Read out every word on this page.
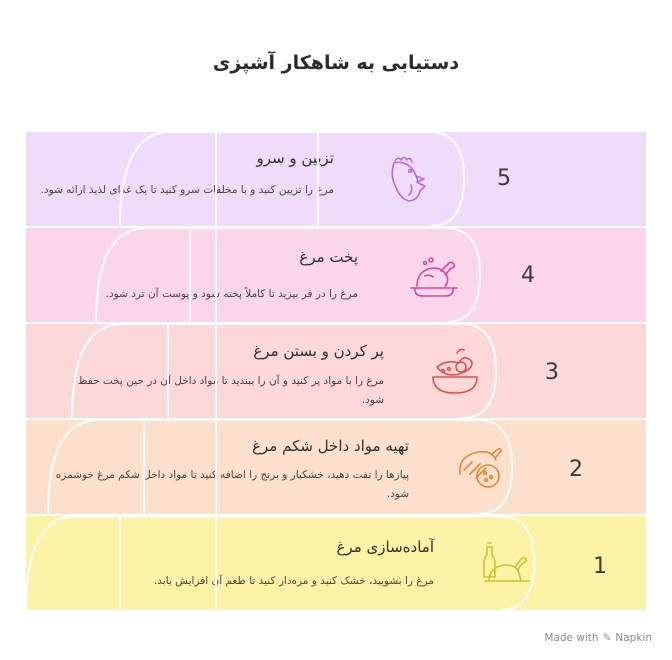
دستیابی به شاهکار آشپزی
5
تزیین و سرو
مرغ را تزیین کنید و با مخلفات سرو کنید تا یک غذای لذیذ ارائه شود.
4
پخت مرغ
مرغ را در فر بپزید تا کاملاً پخته شود و پوست آن ترد شود.
3
پر کردن و بستن مرغ
مرغ را با مواد پر کنید و آن را ببندید تا مواد داخل آن در حین پخت حفظ شود.
2
تهیه مواد داخل شکم مرغ
پیازها را تفت دهید، خشکبار و برنج را اضافه کنید تا مواد داخل شکم مرغ خوشمزه شود.
1
آماده‌سازی مرغ
مرغ را بشویید، خشک کنید و مزه‌دار کنید تا طعم آن افزایش یابد.
Made with ✎ Napkin
